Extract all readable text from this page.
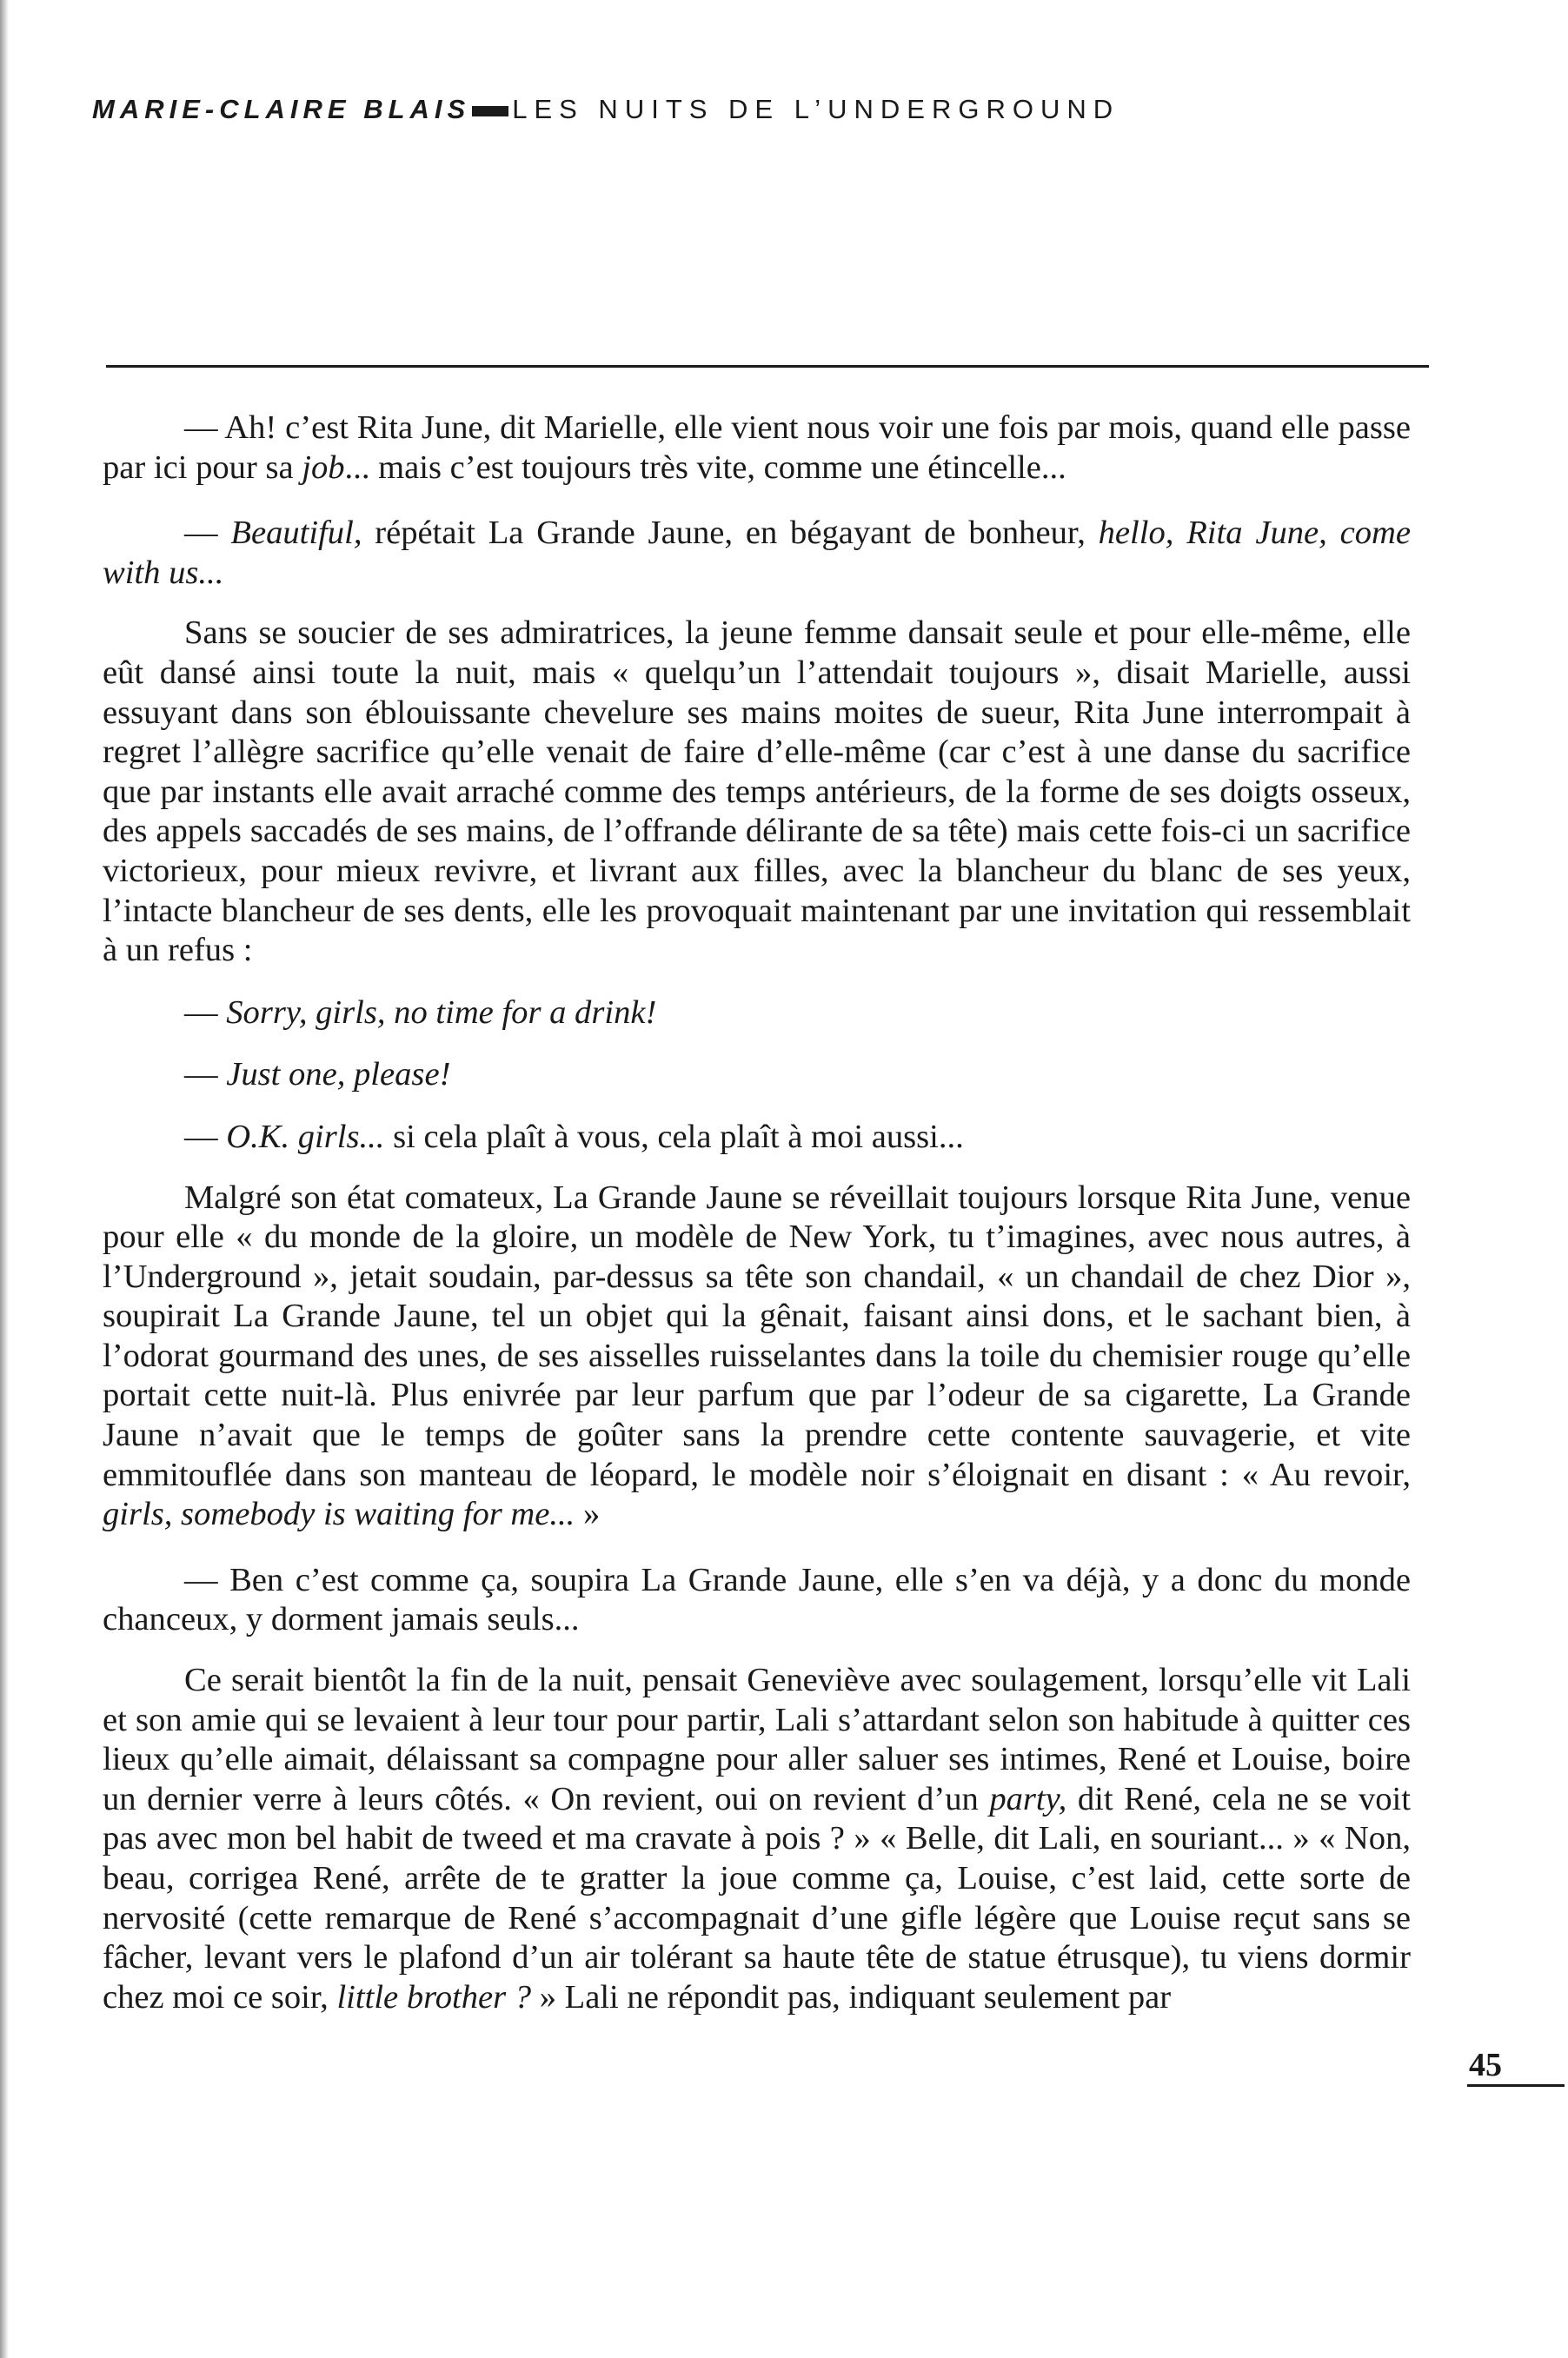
MARIE-CLAIRE BLAIS LES NUITS DE L’UNDERGROUND

— Ah! c’est Rita June, dit Marielle, elle vient nous voir une fois par mois, quand elle passe par ici pour sa job... mais c’est toujours très vite, comme une étincelle...

— Beautiful, répétait La Grande Jaune, en bégayant de bonheur, hello, Rita June, come with us...

Sans se soucier de ses admiratrices, la jeune femme dansait seule et pour elle-même, elle eût dansé ainsi toute la nuit, mais « quelqu’un l’attendait toujours », disait Marielle, aussi essuyant dans son éblouissante chevelure ses mains moites de sueur, Rita June interrompait à regret l’allègre sacrifice qu’elle venait de faire d’elle-même (car c’est à une danse du sacrifice que par instants elle avait arraché comme des temps antérieurs, de la forme de ses doigts osseux, des appels saccadés de ses mains, de l’offrande délirante de sa tête) mais cette fois-ci un sacrifice victorieux, pour mieux revivre, et livrant aux filles, avec la blancheur du blanc de ses yeux, l’intacte blancheur de ses dents, elle les provoquait maintenant par une invitation qui ressemblait à un refus :

— Sorry, girls, no time for a drink!

— Just one, please!

— O.K. girls... si cela plaît à vous, cela plaît à moi aussi...

Malgré son état comateux, La Grande Jaune se réveillait toujours lorsque Rita June, venue pour elle « du monde de la gloire, un modèle de New York, tu t’imagines, avec nous autres, à l’Underground », jetait soudain, par-dessus sa tête son chandail, « un chandail de chez Dior », soupirait La Grande Jaune, tel un objet qui la gênait, faisant ainsi dons, et le sachant bien, à l’odorat gourmand des unes, de ses aisselles ruisselantes dans la toile du chemisier rouge qu’elle portait cette nuit-là. Plus enivrée par leur parfum que par l’odeur de sa cigarette, La Grande Jaune n’avait que le temps de goûter sans la prendre cette contente sauvagerie, et vite emmitouflée dans son manteau de léopard, le modèle noir s’éloignait en disant : « Au revoir, girls, somebody is waiting for me... »

— Ben c’est comme ça, soupira La Grande Jaune, elle s’en va déjà, y a donc du monde chanceux, y dorment jamais seuls...

Ce serait bientôt la fin de la nuit, pensait Geneviève avec soulagement, lorsqu’elle vit Lali et son amie qui se levaient à leur tour pour partir, Lali s’attardant selon son habitude à quitter ces lieux qu’elle aimait, délaissant sa compagne pour aller saluer ses intimes, René et Louise, boire un dernier verre à leurs côtés. « On revient, oui on revient d’un party, dit René, cela ne se voit pas avec mon bel habit de tweed et ma cravate à pois ? » « Belle, dit Lali, en souriant... » « Non, beau, corrigea René, arrête de te gratter la joue comme ça, Louise, c’est laid, cette sorte de nervosité (cette remarque de René s’accompagnait d’une gifle légère que Louise reçut sans se fâcher, levant vers le plafond d’un air tolérant sa haute tête de statue étrusque), tu viens dormir chez moi ce soir, little brother ? » Lali ne répondit pas, indiquant seulement par

45
